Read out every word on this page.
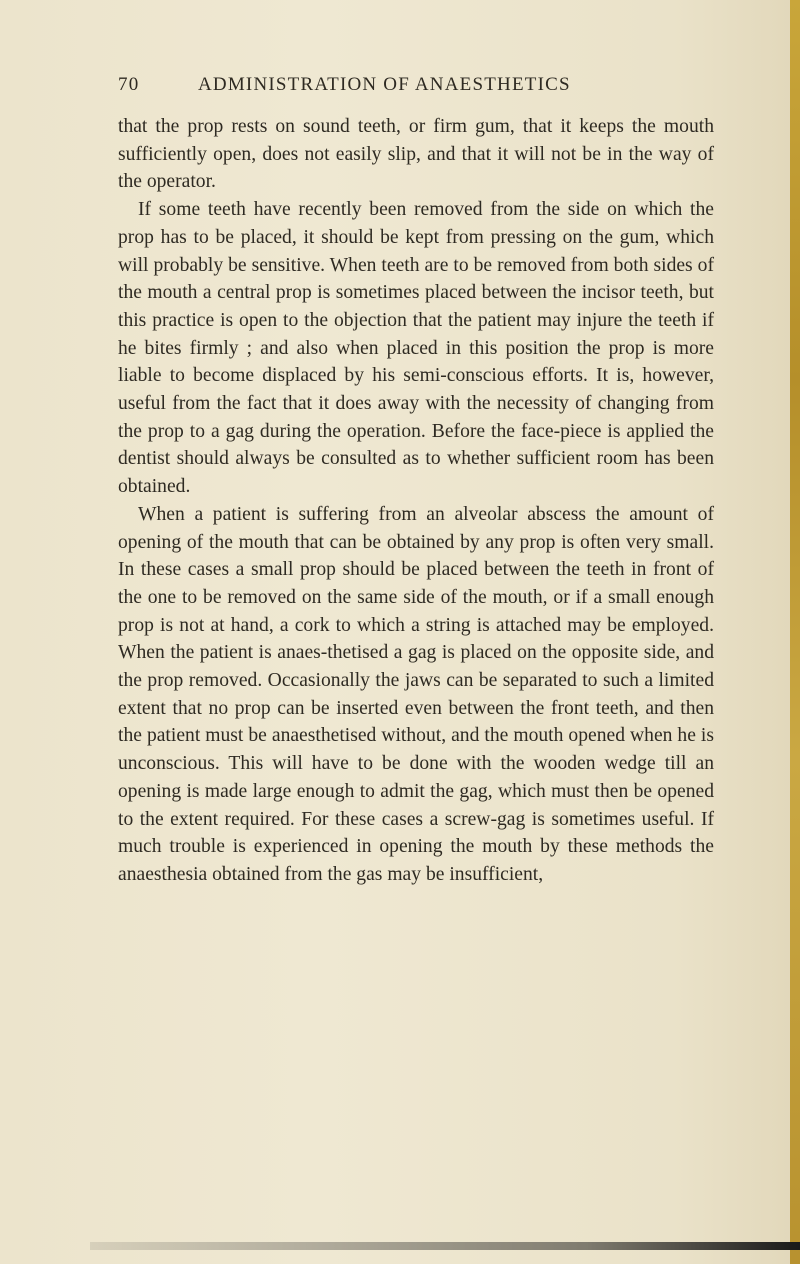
70	ADMINISTRATION OF ANAESTHETICS

that the prop rests on sound teeth, or firm gum, that it keeps the mouth sufficiently open, does not easily slip, and that it will not be in the way of the operator.

If some teeth have recently been removed from the side on which the prop has to be placed, it should be kept from pressing on the gum, which will probably be sensitive. When teeth are to be removed from both sides of the mouth a central prop is sometimes placed between the incisor teeth, but this practice is open to the objection that the patient may injure the teeth if he bites firmly ; and also when placed in this position the prop is more liable to become displaced by his semi-conscious efforts. It is, however, useful from the fact that it does away with the necessity of changing from the prop to a gag during the operation. Before the face-piece is applied the dentist should always be consulted as to whether sufficient room has been obtained.

When a patient is suffering from an alveolar abscess the amount of opening of the mouth that can be obtained by any prop is often very small. In these cases a small prop should be placed between the teeth in front of the one to be removed on the same side of the mouth, or if a small enough prop is not at hand, a cork to which a string is attached may be employed. When the patient is anaes-thetised a gag is placed on the opposite side, and the prop removed. Occasionally the jaws can be separated to such a limited extent that no prop can be inserted even between the front teeth, and then the patient must be anaesthetised without, and the mouth opened when he is unconscious. This will have to be done with the wooden wedge till an opening is made large enough to admit the gag, which must then be opened to the extent required. For these cases a screw-gag is sometimes useful. If much trouble is experienced in opening the mouth by these methods the anaesthesia obtained from the gas may be insufficient,
